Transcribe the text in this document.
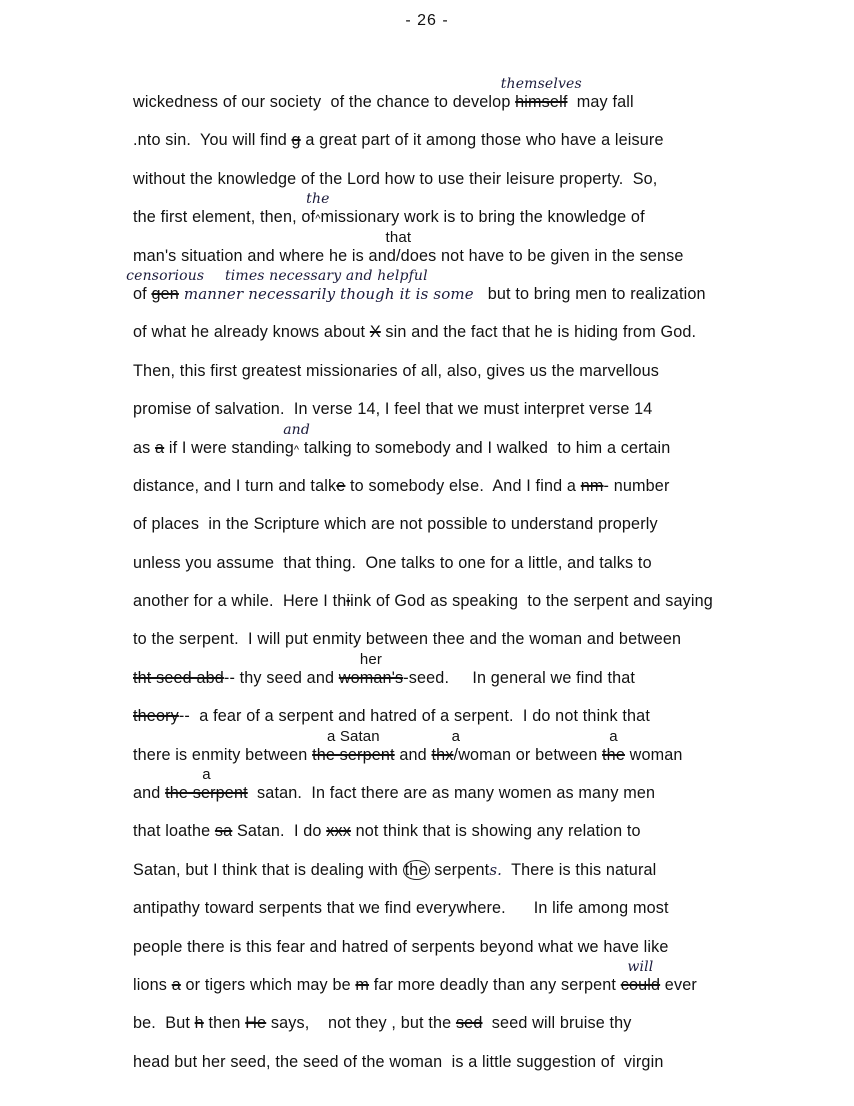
- 26 -
wickedness of our society  of the chance to develop himself
themselves
may fall
.nto sin.  You will find g a great part of it among those who have a leisure
without the knowledge of the Lord how to use their leisure property.  So,
the first element, then, of^
the
missionary work is to bring the knowledge of
man's situation and where he is and/
that
does not have to be given in the sense
of gen
censorious
manner necessarily though it is some
times necessary and helpful
but to bring men to realization
of what he already knows about X sin and the fact that he is hiding from God.
Then, this first greatest missionaries of all, also, gives us the marvellous
promise of salvation.  In verse 14, I feel that we must interpret verse 14
as a if I were standing^
and
talking to somebody and I walked  to him a certain
distance, and I turn and talke to somebody else.  And I find a nm- number
of places  in the Scripture which are not possible to understand properly
unless you assume  that thing.  One talks to one for a little, and talks to
another for a while.  Here I thiink of God as speaking  to the serpent and saying
to the serpent.  I will put enmity between thee and the woman and between
tht seed abd-- thy seed and woman's
her
-seed.     In general we find that
theory--  a fear of a serpent and hatred of a serpent.  I do not think that
there is enmity between the serpent
a Satan
and thx/
a
woman or between the
a
woman
and the serpent
a
satan.  In fact there are as many women as many men
that loathe sa Satan.  I do xxx not think that is showing any relation to
Satan, but I think that is dealing with the serpents.  There is this natural
antipathy toward serpents that we find everywhere.      In life among most
people there is this fear and hatred of serpents beyond what we have like
lions a or tigers which may be m far more deadly than any serpent could
will
ever
be.  But h then He says,    not they , but the sed  seed will bruise thy
head but her seed, the seed of the woman  is a little suggestion of  virgin
